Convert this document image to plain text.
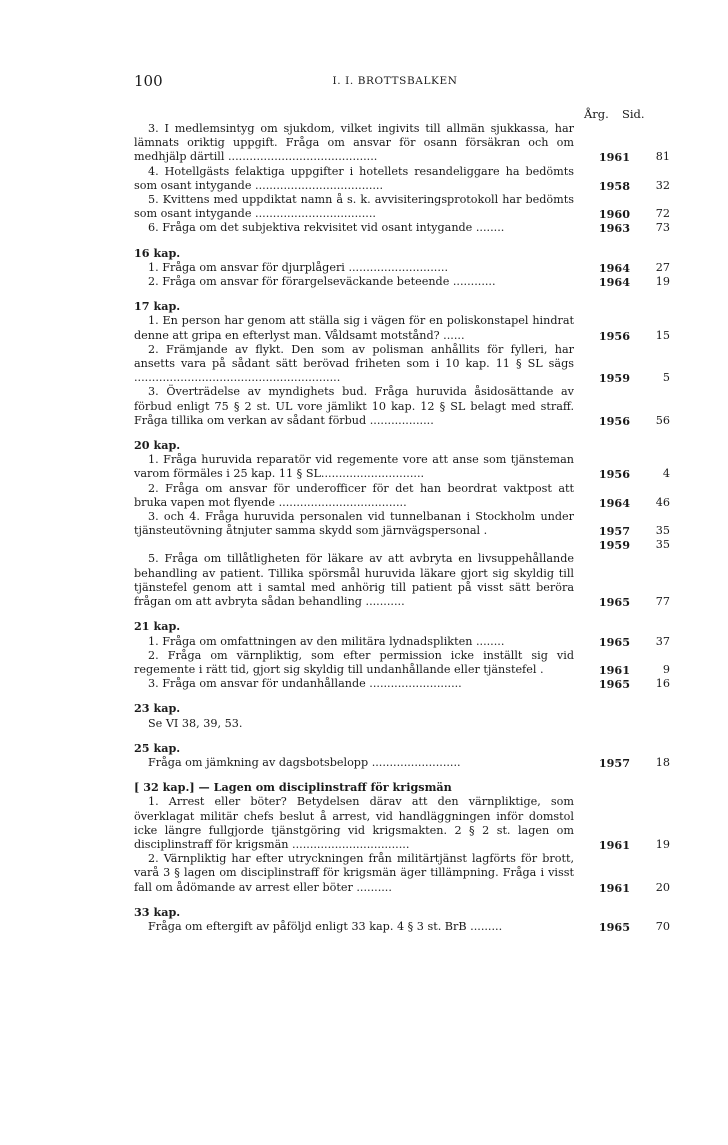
100	I. I. BROTTSBALKEN
Årg. Sid.
3. I medlemsintyg om sjukdom, vilket ingivits till allmän sjukkassa, har lämnats oriktig uppgift. Fråga om ansvar för osann försäkran och om medhjälp därtill ..........................................	1961	81
4. Hotellgästs felaktiga uppgifter i hotellets resandeliggare ha bedömts som osant intygande ....................................	1958	32
5. Kvittens med uppdiktat namn å s. k. avvisiteringsprotokoll har bedömts som osant intygande ..................................	1960	72
6. Fråga om det subjektiva rekvisitet vid osant intygande ........	1963	73
16 kap.
1. Fråga om ansvar för djurplågeri ............................	1964	27
2. Fråga om ansvar för förargelseväckande beteende ............	1964	19
17 kap.
1. En person har genom att ställa sig i vägen för en poliskonstapel hindrat denne att gripa en efterlyst man. Våldsamt motstånd? ......	1956	15
2. Främjande av flykt. Den som av polisman anhållits för fylleri, har ansetts vara på sådant sätt berövad friheten som i 10 kap. 11 § SL sägs ..........................................................	1959	5
3. Överträdelse av myndighets bud. Fråga huruvida åsidosättande av förbud enligt 75 § 2 st. UL vore jämlikt 10 kap. 12 § SL belagt med straff. Fråga tillika om verkan av sådant förbud ..................	1956	56
20 kap.
1. Fråga huruvida reparatör vid regemente vore att anse som tjänsteman varom förmäles i 25 kap. 11 § SL.............................	1956	4
2. Fråga om ansvar för underofficer för det han beordrat vaktpost att bruka vapen mot flyende ....................................	1964	46
3. och 4. Fråga huruvida personalen vid tunnelbanan i Stockholm under tjänsteutövning åtnjuter samma skydd som järnvägspersonal .	1957	35
1959	35
5. Fråga om tillåtligheten för läkare av att avbryta en livsuppehållande behandling av patient. Tillika spörsmål huruvida läkare gjort sig skyldig till tjänstefel genom att i samtal med anhörig till patient på visst sätt beröra frågan om att avbryta sådan behandling ...........	1965	77
21 kap.
1. Fråga om omfattningen av den militära lydnadsplikten ........	1965	37
2. Fråga om värnpliktig, som efter permission icke inställt sig vid regemente i rätt tid, gjort sig skyldig till undanhållande eller tjänstefel .	1961	9
3. Fråga om ansvar för undanhållande ..........................	1965	16
23 kap.
Se VI 38, 39, 53.
25 kap.
Fråga om jämkning av dagsbotsbelopp .........................	1957	18
[ 32 kap.] — Lagen om disciplinstraff för krigsmän
1. Arrest eller böter? Betydelsen därav att den värnpliktige, som överklagat militär chefs beslut å arrest, vid handläggningen inför domstol icke längre fullgjorde tjänstgöring vid krigsmakten. 2 § 2 st. lagen om disciplinstraff för krigsmän .................................	1961	19
2. Värnpliktig har efter utryckningen från militärtjänst lagförts för brott, varå 3 § lagen om disciplinstraff för krigsmän äger tillämpning. Fråga i visst fall om ådömande av arrest eller böter ..........	1961	20
33 kap.
Fråga om eftergift av påföljd enligt 33 kap. 4 § 3 st. BrB .........	1965	70
